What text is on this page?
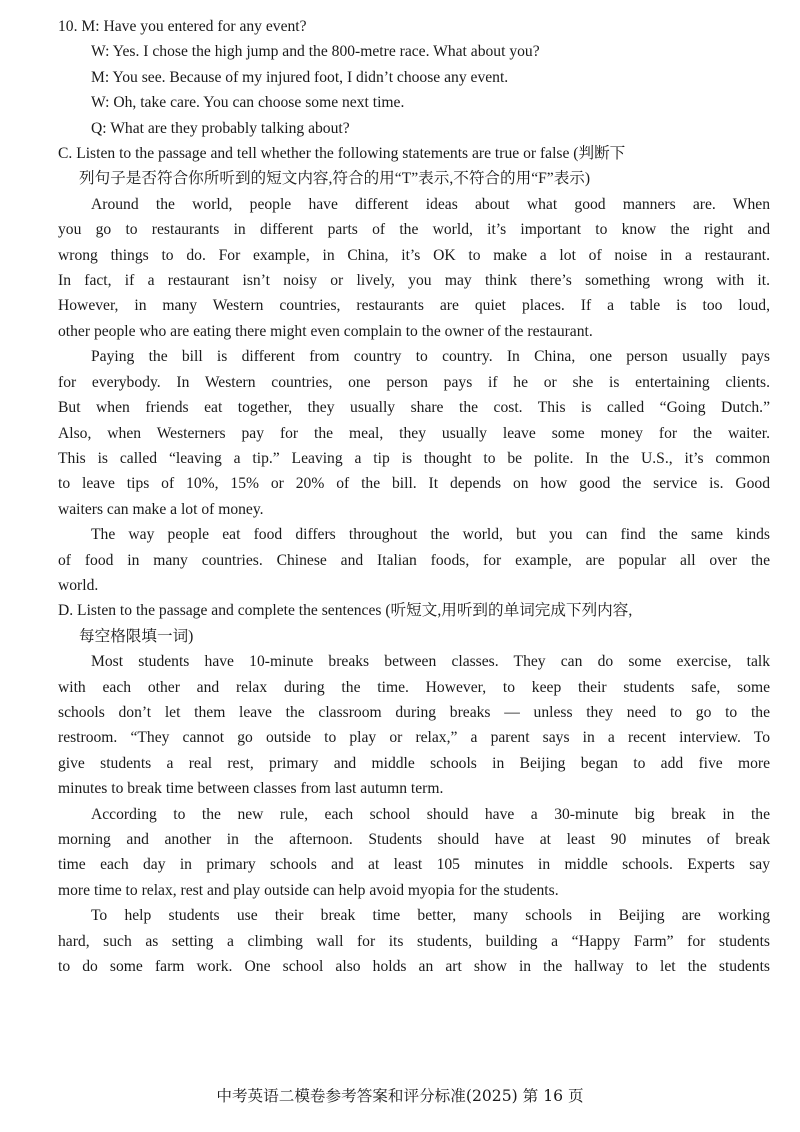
10. M: Have you entered for any event?
W: Yes. I chose the high jump and the 800-metre race. What about you?
M: You see. Because of my injured foot, I didn’t choose any event.
W: Oh, take care. You can choose some next time.
Q: What are they probably talking about?
C. Listen to the passage and tell whether the following statements are true or false (判断下
列句子是否符合你所听到的短文内容,符合的用“T”表示,不符合的用“F”表示)
Around the world, people have different ideas about what good manners are. When
you go to restaurants in different parts of the world, it’s important to know the right and
wrong things to do. For example, in China, it’s OK to make a lot of noise in a restaurant.
In fact, if a restaurant isn’t noisy or lively, you may think there’s something wrong with it.
However, in many Western countries, restaurants are quiet places. If a table is too loud,
other people who are eating there might even complain to the owner of the restaurant.
Paying the bill is different from country to country. In China, one person usually pays
for everybody. In Western countries, one person pays if he or she is entertaining clients.
But when friends eat together, they usually share the cost. This is called “Going Dutch.”
Also, when Westerners pay for the meal, they usually leave some money for the waiter.
This is called “leaving a tip.” Leaving a tip is thought to be polite. In the U.S., it’s common
to leave tips of 10%, 15% or 20% of the bill. It depends on how good the service is. Good
waiters can make a lot of money.
The way people eat food differs throughout the world, but you can find the same kinds
of food in many countries. Chinese and Italian foods, for example, are popular all over the
world.
D. Listen to the passage and complete the sentences (听短文,用听到的单词完成下列内容,
每空格限填一词)
Most students have 10-minute breaks between classes. They can do some exercise, talk
with each other and relax during the time. However, to keep their students safe, some
schools don’t let them leave the classroom during breaks — unless they need to go to the
restroom. “They cannot go outside to play or relax,” a parent says in a recent interview. To
give students a real rest, primary and middle schools in Beijing began to add five more
minutes to break time between classes from last autumn term.
According to the new rule, each school should have a 30-minute big break in the
morning and another in the afternoon. Students should have at least 90 minutes of break
time each day in primary schools and at least 105 minutes in middle schools. Experts say
more time to relax, rest and play outside can help avoid myopia for the students.
To help students use their break time better, many schools in Beijing are working
hard, such as setting a climbing wall for its students, building a “Happy Farm” for students
to do some farm work. One school also holds an art show in the hallway to let the students
中考英语二模卷参考答案和评分标准(2025) 第 16 页
